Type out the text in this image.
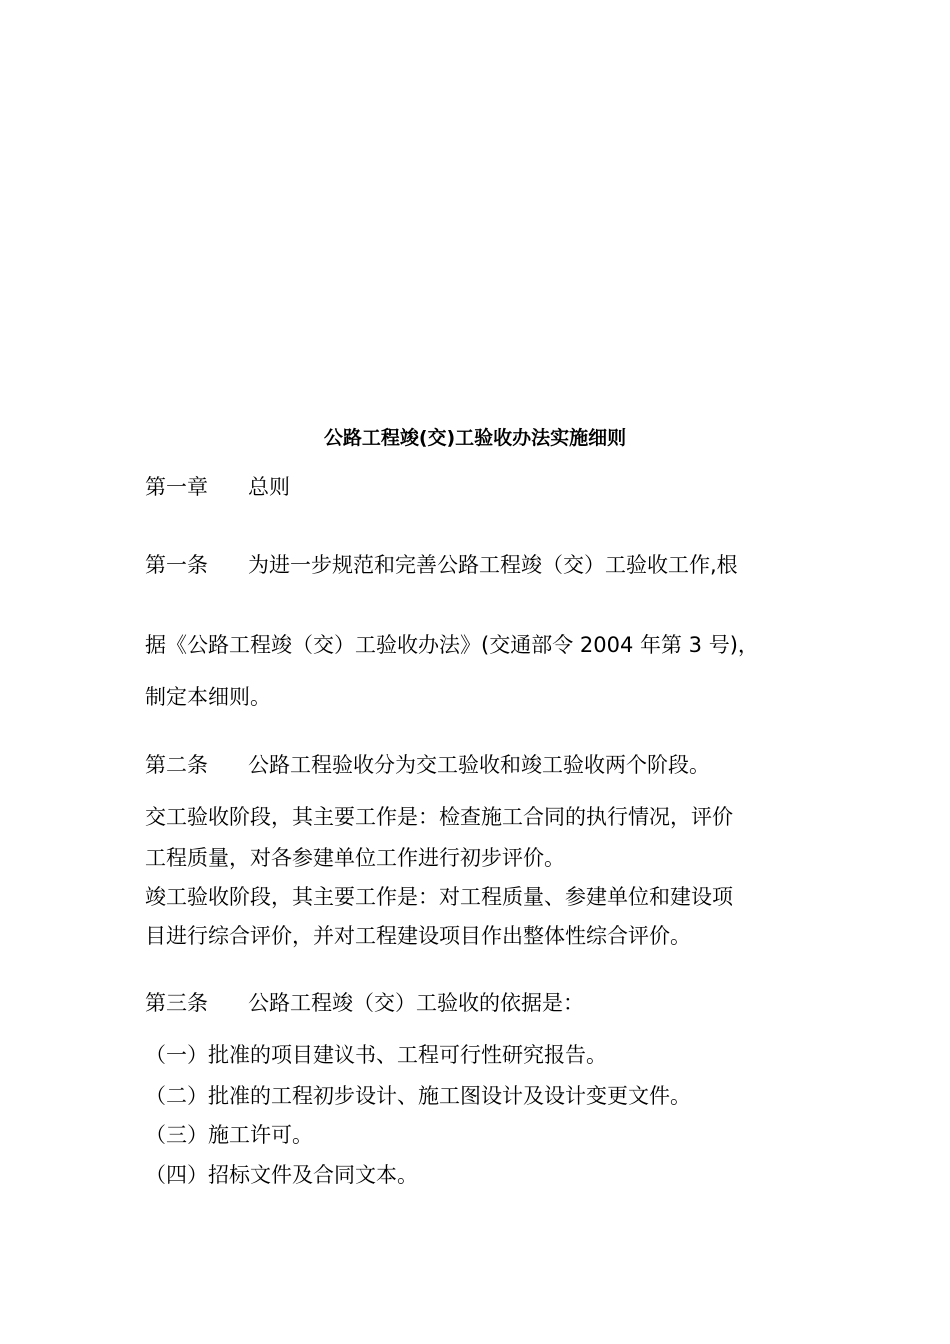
公路工程竣(交)工验收办法实施细则
第一章 总则
第一条 为进一步规范和完善公路工程竣（交）工验收工作,根
据《公路工程竣（交）工验收办法》(交通部令 2004 年第 3 号)，
制定本细则。
第二条 公路工程验收分为交工验收和竣工验收两个阶段。
交工验收阶段，其主要工作是：检查施工合同的执行情况，评价
工程质量，对各参建单位工作进行初步评价。
竣工验收阶段，其主要工作是：对工程质量、参建单位和建设项
目进行综合评价，并对工程建设项目作出整体性综合评价。
第三条 公路工程竣（交）工验收的依据是：
（一）批准的项目建议书、工程可行性研究报告。
（二）批准的工程初步设计、施工图设计及设计变更文件。
（三）施工许可。
（四）招标文件及合同文本。
